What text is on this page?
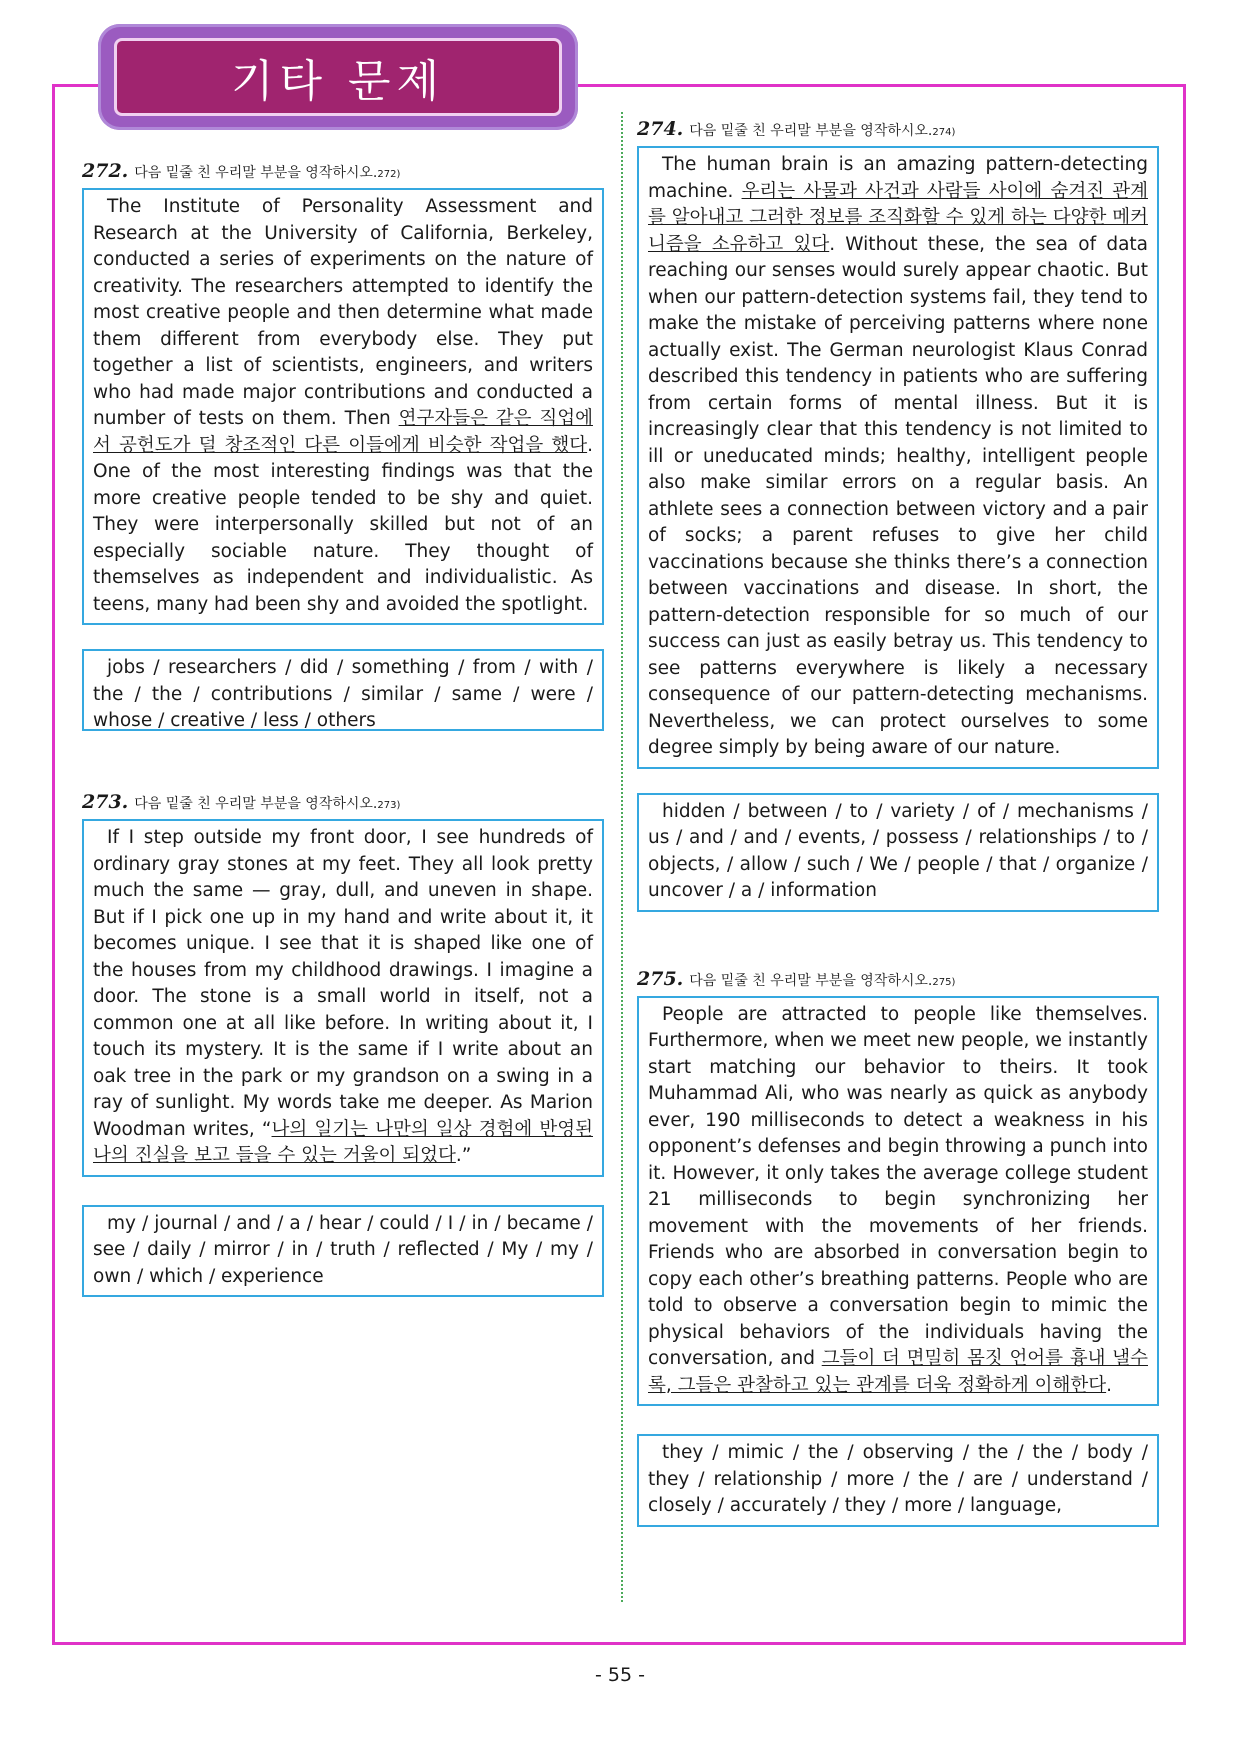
기타 문제
272. 다음 밑줄 친 우리말 부분을 영작하시오. 272)
The Institute of Personality Assessment and Research at the University of California, Berkeley, conducted a series of experiments on the nature of creativity. The researchers attempted to identify the most creative people and then determine what made them different from everybody else. They put together a list of scientists, engineers, and writers who had made major contributions and conducted a number of tests on them. Then 연구자들은 같은 직업에서 공헌도가 덜 창조적인 다른 이들에게 비슷한 작업을 했다. One of the most interesting findings was that the more creative people tended to be shy and quiet. They were interpersonally skilled but not of an especially sociable nature. They thought of themselves as independent and individualistic. As teens, many had been shy and avoided the spotlight.
jobs / researchers / did / something / from / with / the / the / contributions / similar / same / were / whose / creative / less / others
273. 다음 밑줄 친 우리말 부분을 영작하시오. 273)
If I step outside my front door, I see hundreds of ordinary gray stones at my feet. They all look pretty much the same — gray, dull, and uneven in shape. But if I pick one up in my hand and write about it, it becomes unique. I see that it is shaped like one of the houses from my childhood drawings. I imagine a door. The stone is a small world in itself, not a common one at all like before. In writing about it, I touch its mystery. It is the same if I write about an oak tree in the park or my grandson on a swing in a ray of sunlight. My words take me deeper. As Marion Woodman writes, “나의 일기는 나만의 일상 경험에 반영된 나의 진실을 보고 들을 수 있는 거울이 되었다.”
my / journal / and / a / hear / could / I / in / became / see / daily / mirror / in / truth / reflected / My / my / own / which / experience
274. 다음 밑줄 친 우리말 부분을 영작하시오. 274)
The human brain is an amazing pattern-detecting machine. 우리는 사물과 사건과 사람들 사이에 숨겨진 관계를 알아내고 그러한 정보를 조직화할 수 있게 하는 다양한 메커니즘을 소유하고 있다. Without these, the sea of data reaching our senses would surely appear chaotic. But when our pattern-detection systems fail, they tend to make the mistake of perceiving patterns where none actually exist. The German neurologist Klaus Conrad described this tendency in patients who are suffering from certain forms of mental illness. But it is increasingly clear that this tendency is not limited to ill or uneducated minds; healthy, intelligent people also make similar errors on a regular basis. An athlete sees a connection between victory and a pair of socks; a parent refuses to give her child vaccinations because she thinks there’s a connection between vaccinations and disease. In short, the pattern-detection responsible for so much of our success can just as easily betray us. This tendency to see patterns everywhere is likely a necessary consequence of our pattern-detecting mechanisms. Nevertheless, we can protect ourselves to some degree simply by being aware of our nature.
hidden / between / to / variety / of / mechanisms / us / and / and / events, / possess / relationships / to / objects, / allow / such / We / people / that / organize / uncover / a / information
275. 다음 밑줄 친 우리말 부분을 영작하시오. 275)
People are attracted to people like themselves. Furthermore, when we meet new people, we instantly start matching our behavior to theirs. It took Muhammad Ali, who was nearly as quick as anybody ever, 190 milliseconds to detect a weakness in his opponent’s defenses and begin throwing a punch into it. However, it only takes the average college student 21 milliseconds to begin synchronizing her movement with the movements of her friends. Friends who are absorbed in conversation begin to copy each other’s breathing patterns. People who are told to observe a conversation begin to mimic the physical behaviors of the individuals having the conversation, and 그들이 더 면밀히 몸짓 언어를 흉내 낼수록, 그들은 관찰하고 있는 관계를 더욱 정확하게 이해한다.
they / mimic / the / observing / the / the / body / they / relationship / more / the / are / understand / closely / accurately / they / more / language,
- 55 -
